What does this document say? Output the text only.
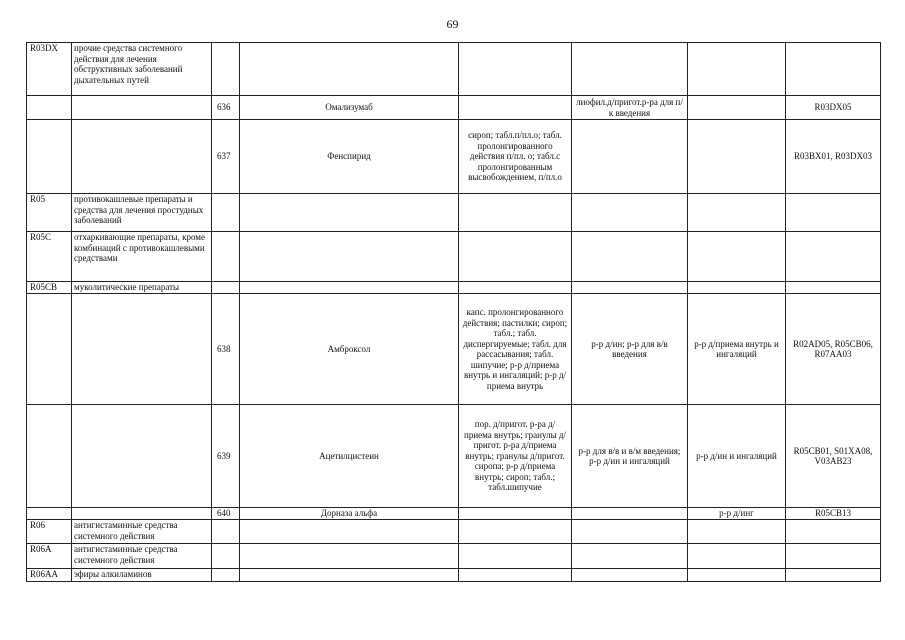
69
R03DX	прочие средства системного действия для лечения обструктивных заболеваний дыхательных путей						
		636	Омализумаб		лиофил.д/пригот.р-ра для п/к введения		R03DX05
		637	Фенспирид	сироп; табл.п/пл.о; табл. пролонгированного действия п/пл. о; табл.с пролонгированным высвобождением, п/пл.о			R03BX01, R03DX03
R05	противокашлевые препараты и средства для лечения простудных заболеваний						
R05C	отхаркивающие препараты, кроме комбинаций с противокашлевыми средствами						
R05CB	муколитические препараты						
		638	Амброксол	капс. пролонгированного действия; пастилки; сироп; табл.; табл. диспергируемые; табл. для рассасывания; табл. шипучие; р-р д/приема внутрь и ингаляций; р-р д/приема внутрь	р-р д/ин; р-р для в/в введения	р-р д/приема внутрь и ингаляций	R02AD05, R05CB06, R07AA03
		639	Ацетилцистеин	пор. д/пригот. р-ра д/приема внутрь; гранулы д/пригот. р-ра д/приема внутрь; гранулы д/пригот. сиропа; р-р д/приема внутрь; сироп; табл.; табл.шипучие	р-р для в/в и в/м введения; р-р д/ин и ингаляций	р-р д/ин и ингаляций	R05CB01, S01XA08, V03AB23
		640	Дорназа альфа			р-р д/инг	R05CB13
R06	антигистаминные средства системного действия						
R06A	антигистаминные средства системного действия						
R06AA	эфиры алкиламинов						
